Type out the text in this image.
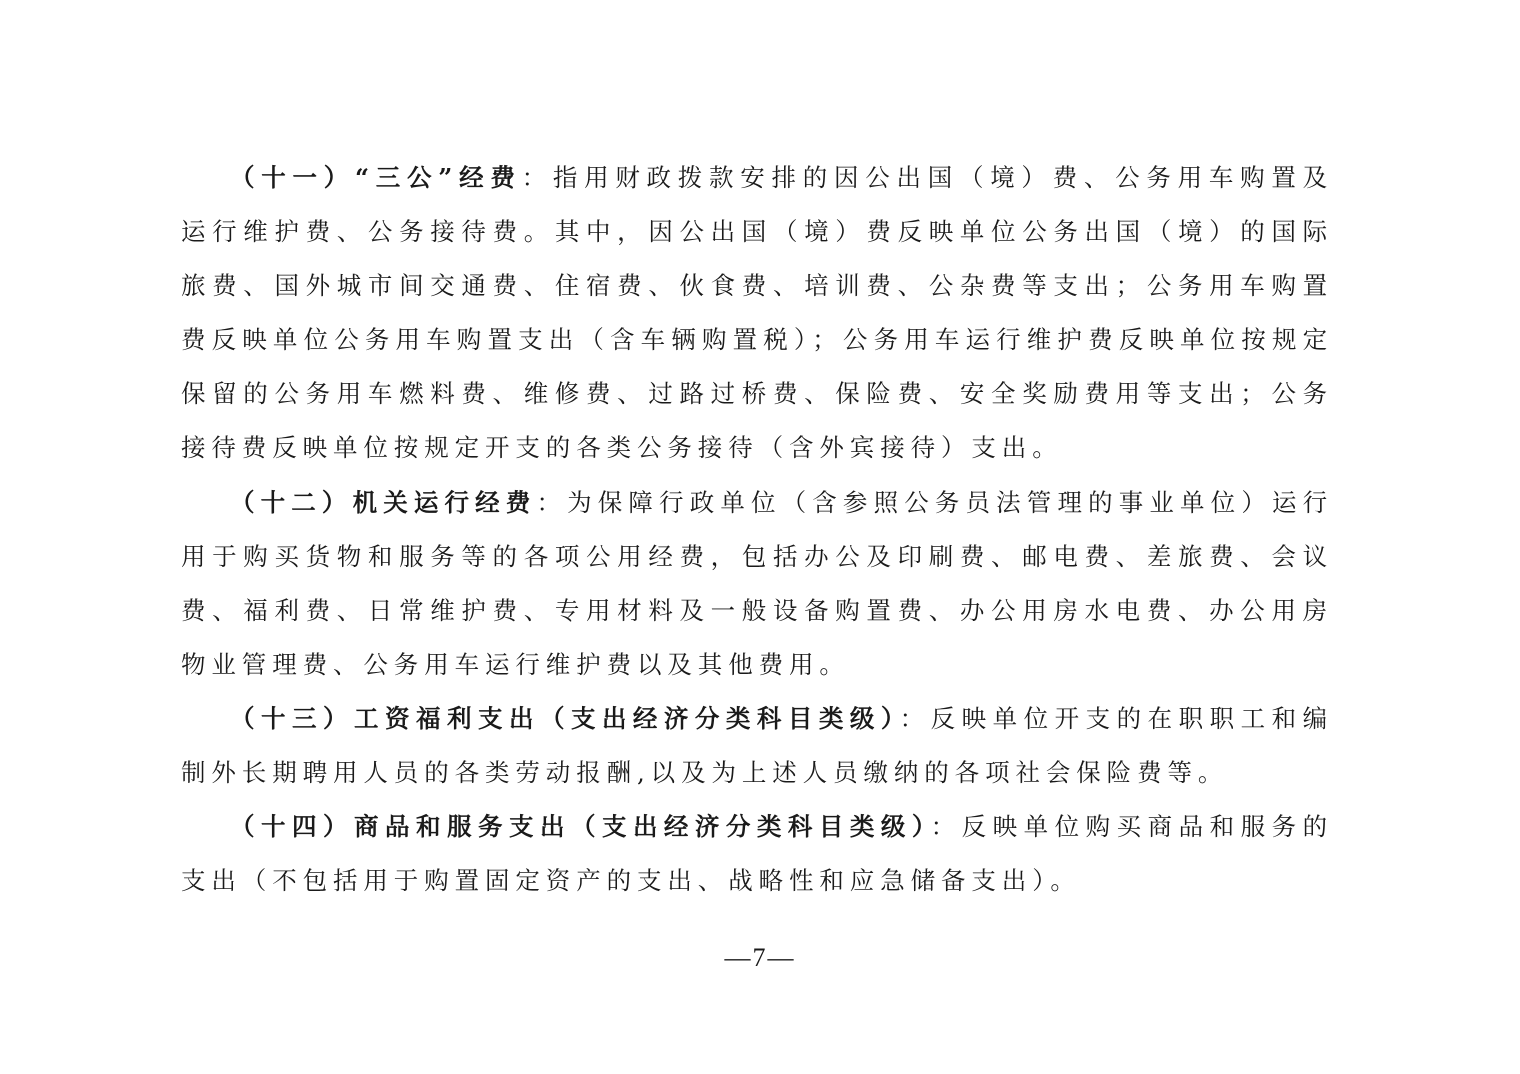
（十一）“三公”经费：指用财政拨款安排的因公出国（境）费、公务用车购置及运行维护费、公务接待费。其中，因公出国（境）费反映单位公务出国（境）的国际旅费、国外城市间交通费、住宿费、伙食费、培训费、公杂费等支出；公务用车购置费反映单位公务用车购置支出（含车辆购置税）；公务用车运行维护费反映单位按规定保留的公务用车燃料费、维修费、过路过桥费、保险费、安全奖励费用等支出；公务接待费反映单位按规定开支的各类公务接待（含外宾接待）支出。

（十二）机关运行经费：为保障行政单位（含参照公务员法管理的事业单位）运行用于购买货物和服务等的各项公用经费，包括办公及印刷费、邮电费、差旅费、会议费、福利费、日常维护费、专用材料及一般设备购置费、办公用房水电费、办公用房物业管理费、公务用车运行维护费以及其他费用。

（十三）工资福利支出（支出经济分类科目类级）：反映单位开支的在职职工和编制外长期聘用人员的各类劳动报酬,以及为上述人员缴纳的各项社会保险费等。

（十四）商品和服务支出（支出经济分类科目类级）：反映单位购买商品和服务的支出（不包括用于购置固定资产的支出、战略性和应急储备支出）。

—7—
